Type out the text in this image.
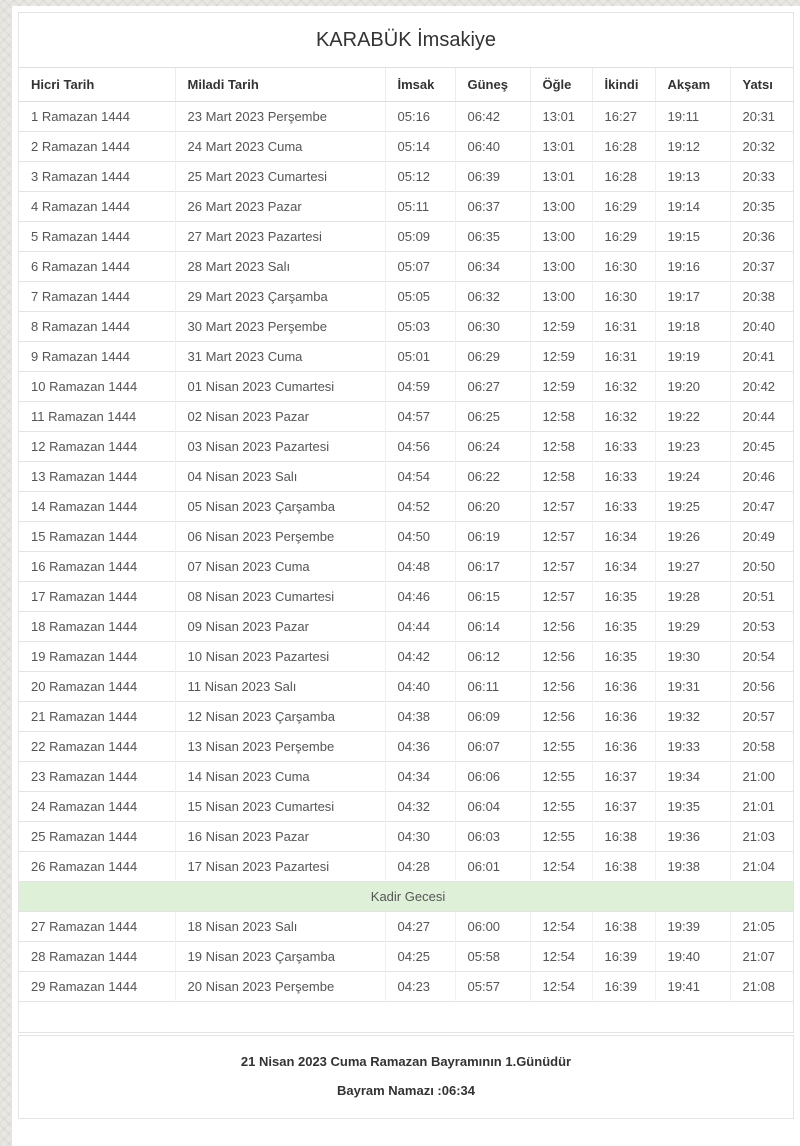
KARABÜK İmsakiye
Hicri Tarih	Miladi Tarih	İmsak	Güneş	Öğle	İkindi	Akşam	Yatsı
1 Ramazan 1444	23 Mart 2023 Perşembe	05:16	06:42	13:01	16:27	19:11	20:31
2 Ramazan 1444	24 Mart 2023 Cuma	05:14	06:40	13:01	16:28	19:12	20:32
3 Ramazan 1444	25 Mart 2023 Cumartesi	05:12	06:39	13:01	16:28	19:13	20:33
4 Ramazan 1444	26 Mart 2023 Pazar	05:11	06:37	13:00	16:29	19:14	20:35
5 Ramazan 1444	27 Mart 2023 Pazartesi	05:09	06:35	13:00	16:29	19:15	20:36
6 Ramazan 1444	28 Mart 2023 Salı	05:07	06:34	13:00	16:30	19:16	20:37
7 Ramazan 1444	29 Mart 2023 Çarşamba	05:05	06:32	13:00	16:30	19:17	20:38
8 Ramazan 1444	30 Mart 2023 Perşembe	05:03	06:30	12:59	16:31	19:18	20:40
9 Ramazan 1444	31 Mart 2023 Cuma	05:01	06:29	12:59	16:31	19:19	20:41
10 Ramazan 1444	01 Nisan 2023 Cumartesi	04:59	06:27	12:59	16:32	19:20	20:42
11 Ramazan 1444	02 Nisan 2023 Pazar	04:57	06:25	12:58	16:32	19:22	20:44
12 Ramazan 1444	03 Nisan 2023 Pazartesi	04:56	06:24	12:58	16:33	19:23	20:45
13 Ramazan 1444	04 Nisan 2023 Salı	04:54	06:22	12:58	16:33	19:24	20:46
14 Ramazan 1444	05 Nisan 2023 Çarşamba	04:52	06:20	12:57	16:33	19:25	20:47
15 Ramazan 1444	06 Nisan 2023 Perşembe	04:50	06:19	12:57	16:34	19:26	20:49
16 Ramazan 1444	07 Nisan 2023 Cuma	04:48	06:17	12:57	16:34	19:27	20:50
17 Ramazan 1444	08 Nisan 2023 Cumartesi	04:46	06:15	12:57	16:35	19:28	20:51
18 Ramazan 1444	09 Nisan 2023 Pazar	04:44	06:14	12:56	16:35	19:29	20:53
19 Ramazan 1444	10 Nisan 2023 Pazartesi	04:42	06:12	12:56	16:35	19:30	20:54
20 Ramazan 1444	11 Nisan 2023 Salı	04:40	06:11	12:56	16:36	19:31	20:56
21 Ramazan 1444	12 Nisan 2023 Çarşamba	04:38	06:09	12:56	16:36	19:32	20:57
22 Ramazan 1444	13 Nisan 2023 Perşembe	04:36	06:07	12:55	16:36	19:33	20:58
23 Ramazan 1444	14 Nisan 2023 Cuma	04:34	06:06	12:55	16:37	19:34	21:00
24 Ramazan 1444	15 Nisan 2023 Cumartesi	04:32	06:04	12:55	16:37	19:35	21:01
25 Ramazan 1444	16 Nisan 2023 Pazar	04:30	06:03	12:55	16:38	19:36	21:03
26 Ramazan 1444	17 Nisan 2023 Pazartesi	04:28	06:01	12:54	16:38	19:38	21:04
Kadir Gecesi							
27 Ramazan 1444	18 Nisan 2023 Salı	04:27	06:00	12:54	16:38	19:39	21:05
28 Ramazan 1444	19 Nisan 2023 Çarşamba	04:25	05:58	12:54	16:39	19:40	21:07
29 Ramazan 1444	20 Nisan 2023 Perşembe	04:23	05:57	12:54	16:39	19:41	21:08

21 Nisan 2023 Cuma Ramazan Bayramının 1.Günüdür

Bayram Namazı :06:34
